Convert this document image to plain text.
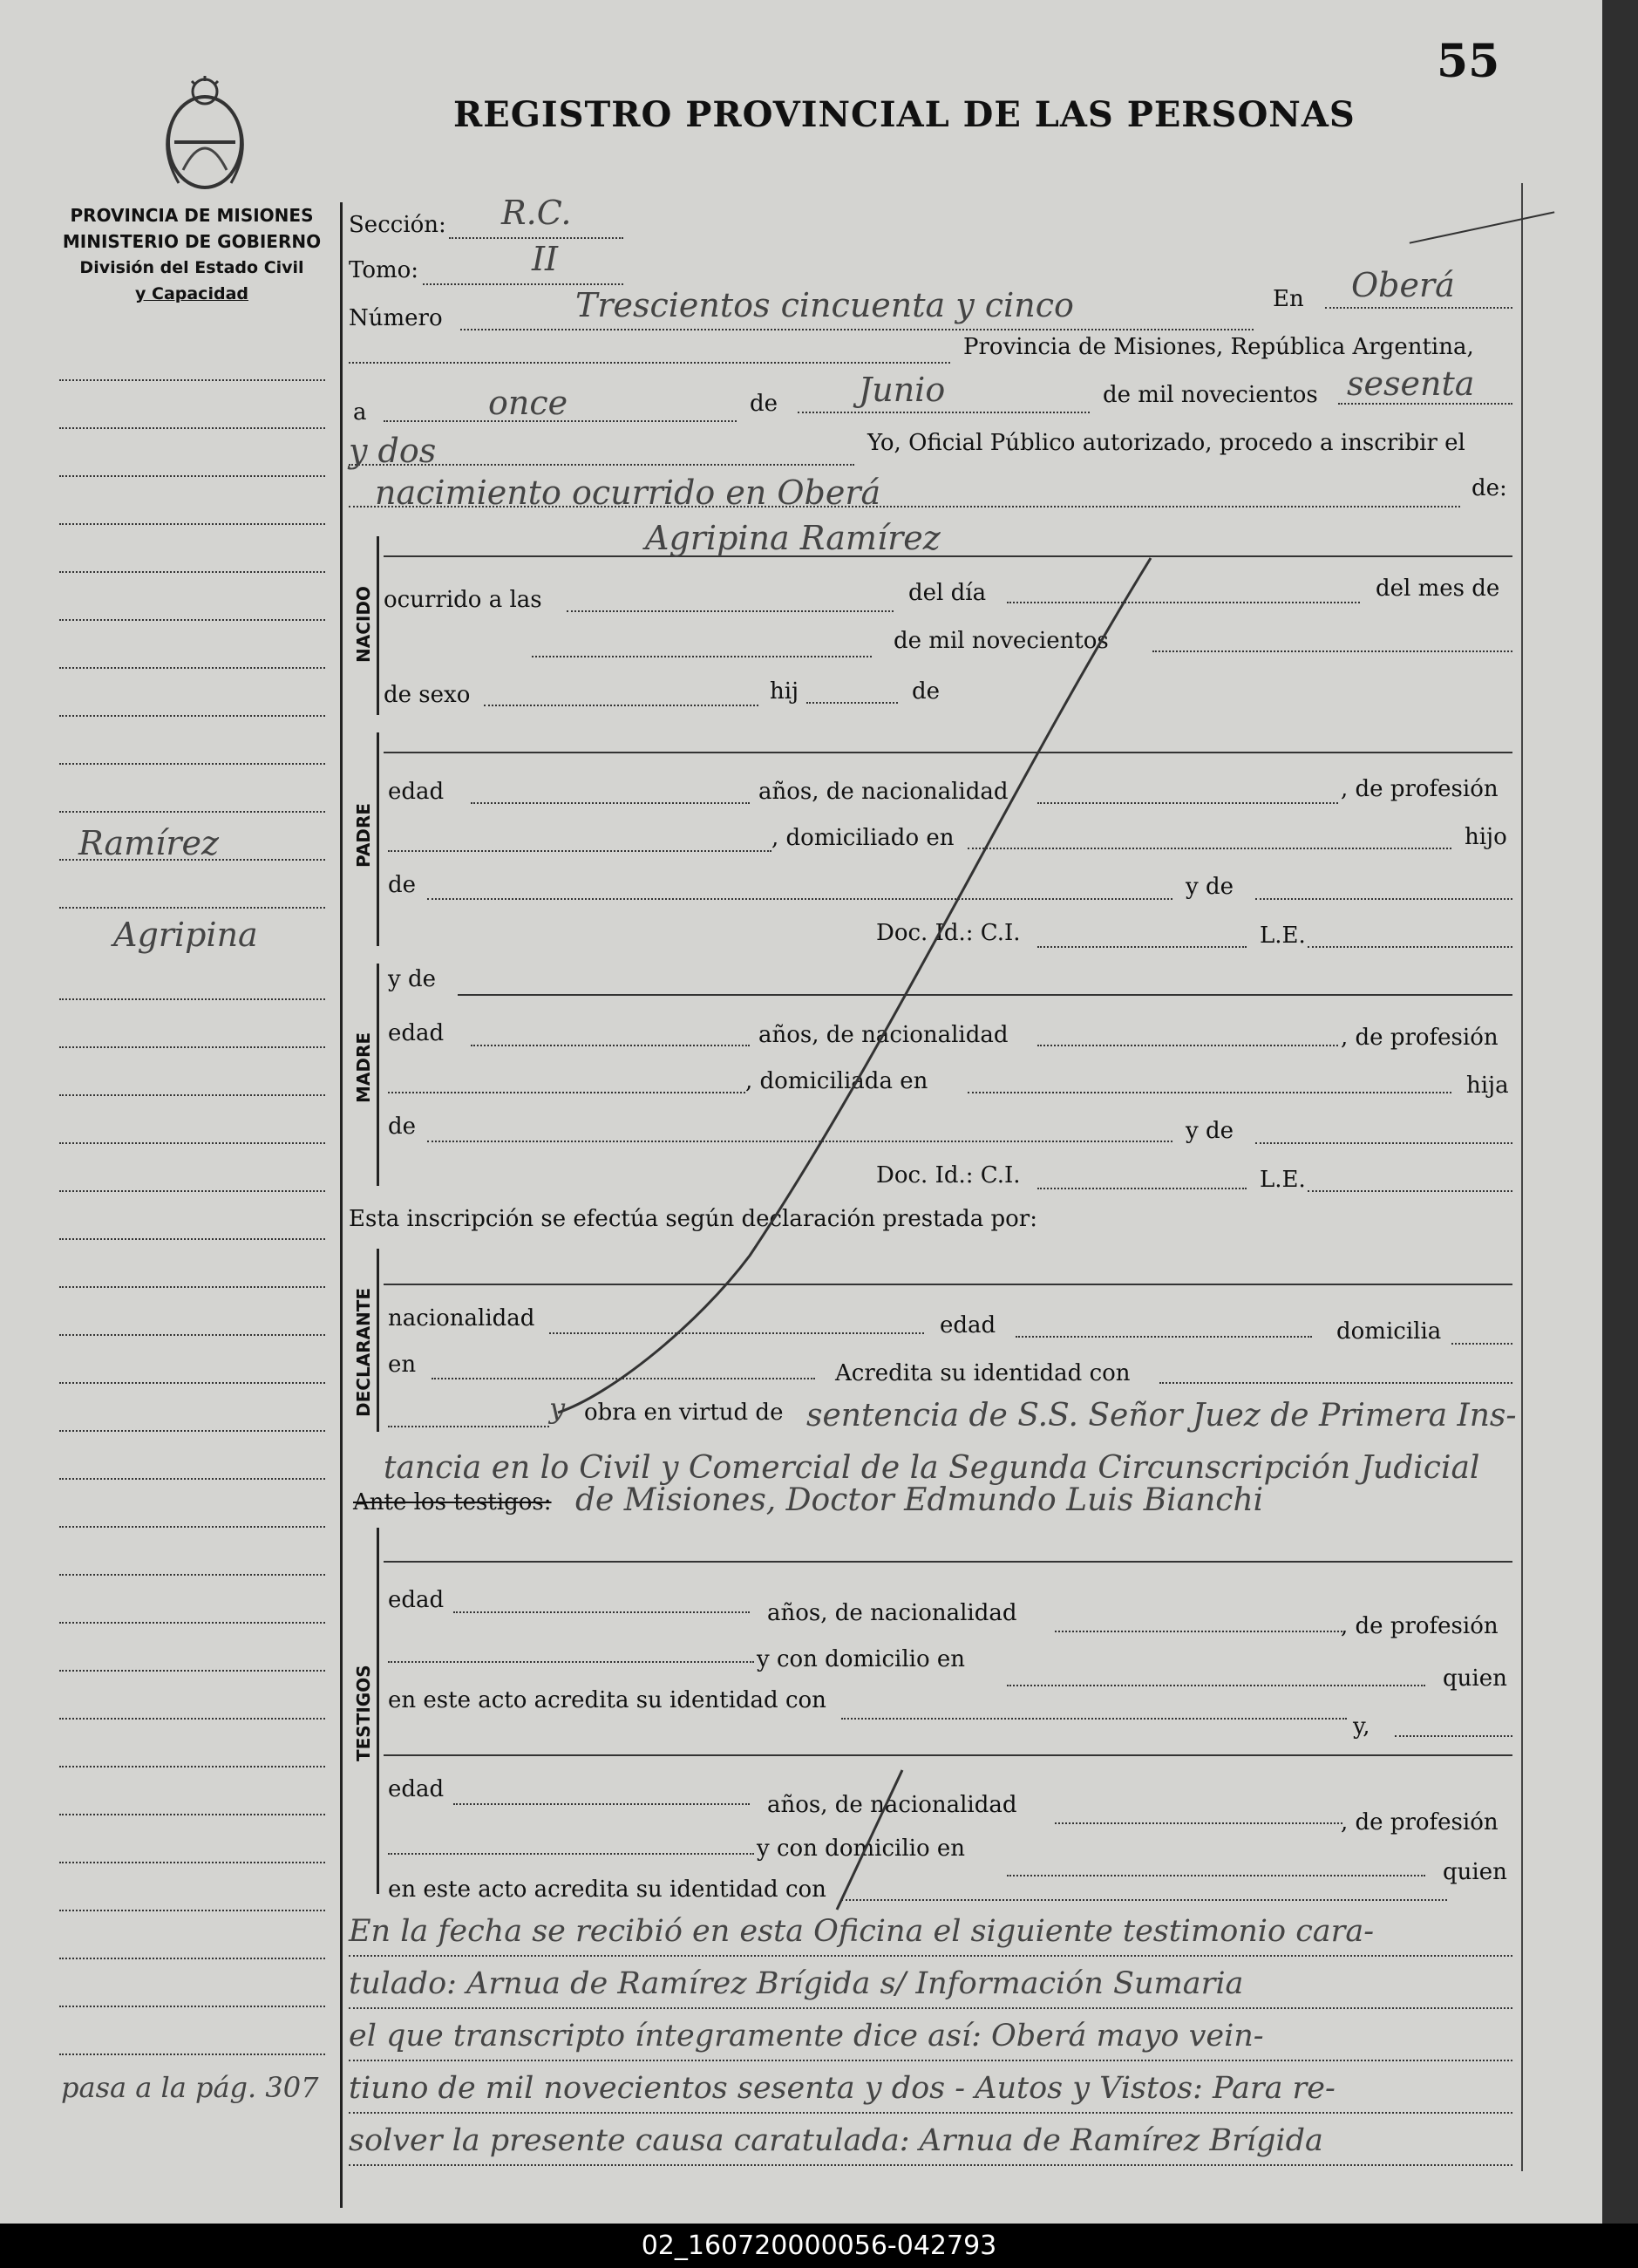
55
REGISTRO PROVINCIAL DE LAS PERSONAS
PROVINCIA DE MISIONES
MINISTERIO DE GOBIERNO
División del Estado Civil
y Capacidad
Ramírez
Agripina
pasa a la pág. 307
Sección: R.C.
Tomo:	II
Número	Trescientos cincuenta y cinco	En Oberá
Provincia de Misiones, República Argentina,
a	once	de Junio	de mil novecientos sesenta
y dos	Yo, Oficial Público autorizado, procedo a inscribir el
nacimiento ocurrido en Oberá	de:
NACIDO
Agripina Ramírez
ocurrido a las	del día	del mes de
de mil novecientos
de sexo	hij	de
PADRE
edad	años, de nacionalidad	, de profesión
, domiciliado en	hijo
de	y de
Doc. Id.: C.I.	L.E.
MADRE
y de
edad	años, de nacionalidad	, de profesión
, domiciliada en	hija
de	y de
Doc. Id.: C.I.	L.E.
Esta inscripción se efectúa según declaración prestada por:
DECLARANTE nacionalidad	edad	domicilia
en	Acredita su identidad con
y obra en virtud de sentencia de S.S. Señor Juez de Primera Ins-
tancia en lo Civil y Comercial de la Segunda Circunscripción Judicial
Ante los testigos: de Misiones, Doctor Edmundo Luis Bianchi
TESTIGOS
edad	años, de nacionalidad	, de profesión
y con domicilio en
quien
en este acto acredita su identidad con
y,
edad
años, de nacionalidad
, de profesión
y con domicilio en
quien
en este acto acredita su identidad con
En la fecha se recibió en esta Oficina el siguiente testimonio cara-
tulado: Arnua de Ramírez Brígida s/ Información Sumaria
el que transcripto íntegramente dice así: Oberá mayo vein-
tiuno de mil novecientos sesenta y dos - Autos y Vistos: Para re-
solver la presente causa caratulada: Arnua de Ramírez Brígida
02_160720000056-042793
